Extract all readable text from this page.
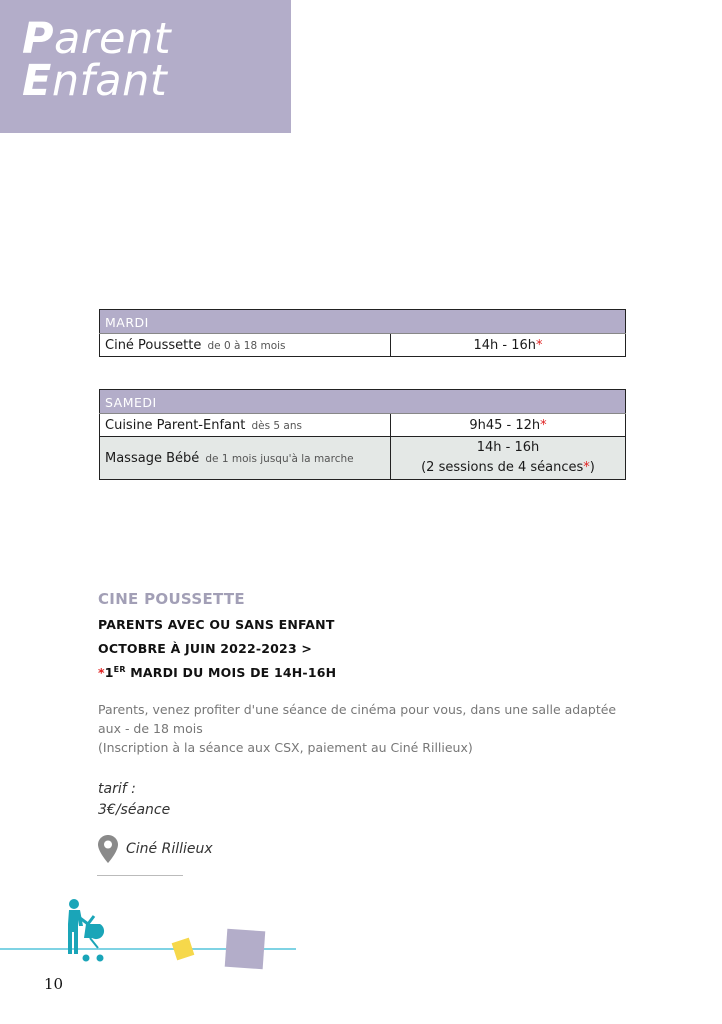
Parent
Enfant
MARDI
Ciné Poussette de 0 à 18 mois	14h - 16h*
SAMEDI	
Cuisine Parent-Enfant dès 5 ans	9h45 - 12h*
Massage Bébé de 1 mois jusqu'à la marche	14h - 16h
(2 sessions de 4 séances*)
CINE POUSSETTE
PARENTS AVEC OU SANS ENFANT
OCTOBRE À JUIN 2022-2023 >
*1ER MARDI DU MOIS DE 14H-16H
Parents, venez profiter d'une séance de cinéma pour vous, dans une salle adaptée aux - de 18 mois
(Inscription à la séance aux CSX, paiement au Ciné Rillieux)
tarif :
3€/séance
Ciné Rillieux
10
